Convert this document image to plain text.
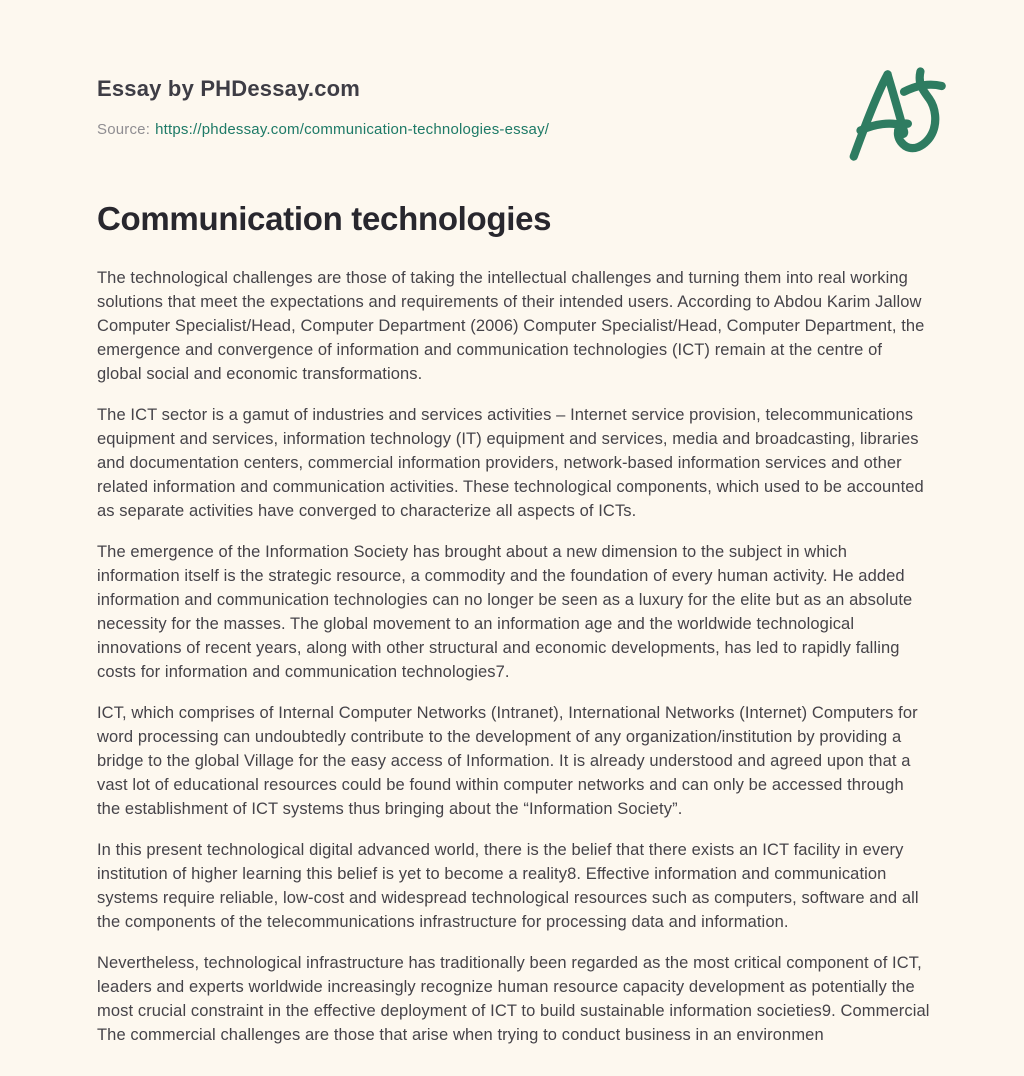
Essay by PHDessay.com
Source: https://phdessay.com/communication-technologies-essay/
Communication technologies

The technological challenges are those of taking the intellectual challenges and turning them into real working solutions that meet the expectations and requirements of their intended users. According to Abdou Karim Jallow Computer Specialist/Head, Computer Department (2006) Computer Specialist/Head, Computer Department, the emergence and convergence of information and communication technologies (ICT) remain at the centre of global social and economic transformations.

The ICT sector is a gamut of industries and services activities – Internet service provision, telecommunications equipment and services, information technology (IT) equipment and services, media and broadcasting, libraries and documentation centers, commercial information providers, network-based information services and other related information and communication activities. These technological components, which used to be accounted as separate activities have converged to characterize all aspects of ICTs.

The emergence of the Information Society has brought about a new dimension to the subject in which information itself is the strategic resource, a commodity and the foundation of every human activity. He added information and communication technologies can no longer be seen as a luxury for the elite but as an absolute necessity for the masses. The global movement to an information age and the worldwide technological innovations of recent years, along with other structural and economic developments, has led to rapidly falling costs for information and communication technologies7.

ICT, which comprises of Internal Computer Networks (Intranet), International Networks (Internet) Computers for word processing can undoubtedly contribute to the development of any organization/institution by providing a bridge to the global Village for the easy access of Information. It is already understood and agreed upon that a vast lot of educational resources could be found within computer networks and can only be accessed through the establishment of ICT systems thus bringing about the “Information Society”.

In this present technological digital advanced world, there is the belief that there exists an ICT facility in every institution of higher learning this belief is yet to become a reality8. Effective information and communication systems require reliable, low-cost and widespread technological resources such as computers, software and all the components of the telecommunications infrastructure for processing data and information.

Nevertheless, technological infrastructure has traditionally been regarded as the most critical component of ICT, leaders and experts worldwide increasingly recognize human resource capacity development as potentially the most crucial constraint in the effective deployment of ICT to build sustainable information societies9. Commercial The commercial challenges are those that arise when trying to conduct business in an environmen
